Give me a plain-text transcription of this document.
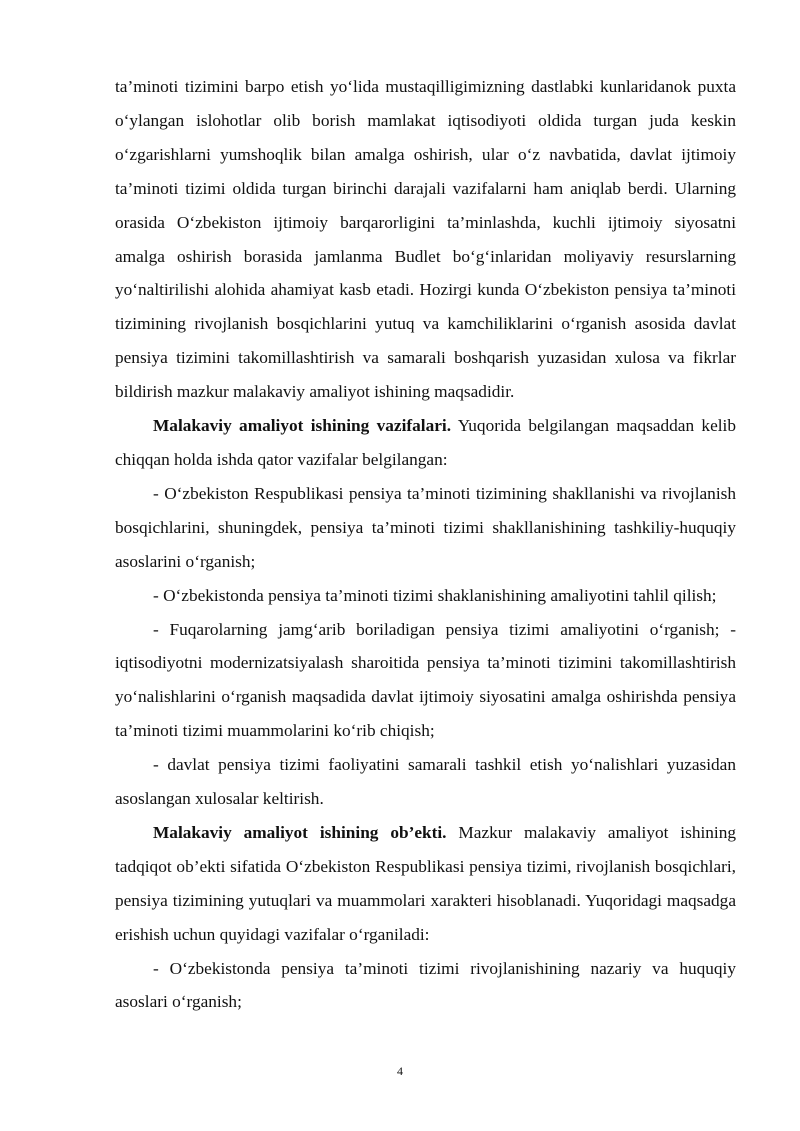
ta’minoti tizimini barpo etish yo‘lida mustaqilligimizning dastlabki kunlaridanok puxta o‘ylangan islohotlar olib borish mamlakat iqtisodiyoti oldida turgan juda keskin o‘zgarishlarni yumshoqlik bilan amalga oshirish, ular o‘z navbatida, davlat ijtimoiy ta’minoti tizimi oldida turgan birinchi darajali vazifalarni ham aniqlab berdi. Ularning orasida O‘zbekiston ijtimoiy barqarorligini ta’minlashda, kuchli ijtimoiy siyosatni amalga oshirish borasida jamlanma Budlet bo‘g‘inlaridan moliyaviy resurslarning yo‘naltirilishi alohida ahamiyat kasb etadi. Hozirgi kunda O‘zbekiston pensiya ta’minoti tizimining rivojlanish bosqichlarini yutuq va kamchiliklarini o‘rganish asosida davlat pensiya tizimini takomillashtirish va samarali boshqarish yuzasidan xulosa va fikrlar bildirish mazkur malakaviy amaliyot ishining maqsadidir.

Malakaviy amaliyot ishining vazifalari. Yuqorida belgilangan maqsaddan kelib chiqqan holda ishda qator vazifalar belgilangan:

- O‘zbekiston Respublikasi pensiya ta’minoti tizimining shakllanishi va rivojlanish bosqichlarini, shuningdek, pensiya ta’minoti tizimi shakllanishining tashkiliy-huquqiy asoslarini o‘rganish;

- O‘zbekistonda pensiya ta’minoti tizimi shaklanishining amaliyotini tahlil qilish;

- Fuqarolarning jamg‘arib boriladigan pensiya tizimi amaliyotini o‘rganish; - iqtisodiyotni modernizatsiyalash sharoitida pensiya ta’minoti tizimini takomillashtirish yo‘nalishlarini o‘rganish maqsadida davlat ijtimoiy siyosatini amalga oshirishda pensiya ta’minoti tizimi muammolarini ko‘rib chiqish;

- davlat pensiya tizimi faoliyatini samarali tashkil etish yo‘nalishlari yuzasidan asoslangan xulosalar keltirish.

Malakaviy amaliyot ishining ob’ekti. Mazkur malakaviy amaliyot ishining tadqiqot ob’ekti sifatida O‘zbekiston Respublikasi pensiya tizimi, rivojlanish bosqichlari, pensiya tizimining yutuqlari va muammolari xarakteri hisoblanadi. Yuqoridagi maqsadga erishish uchun quyidagi vazifalar o‘rganiladi:

- O‘zbekistonda pensiya ta’minoti tizimi rivojlanishining nazariy va huquqiy asoslari o‘rganish;

4
